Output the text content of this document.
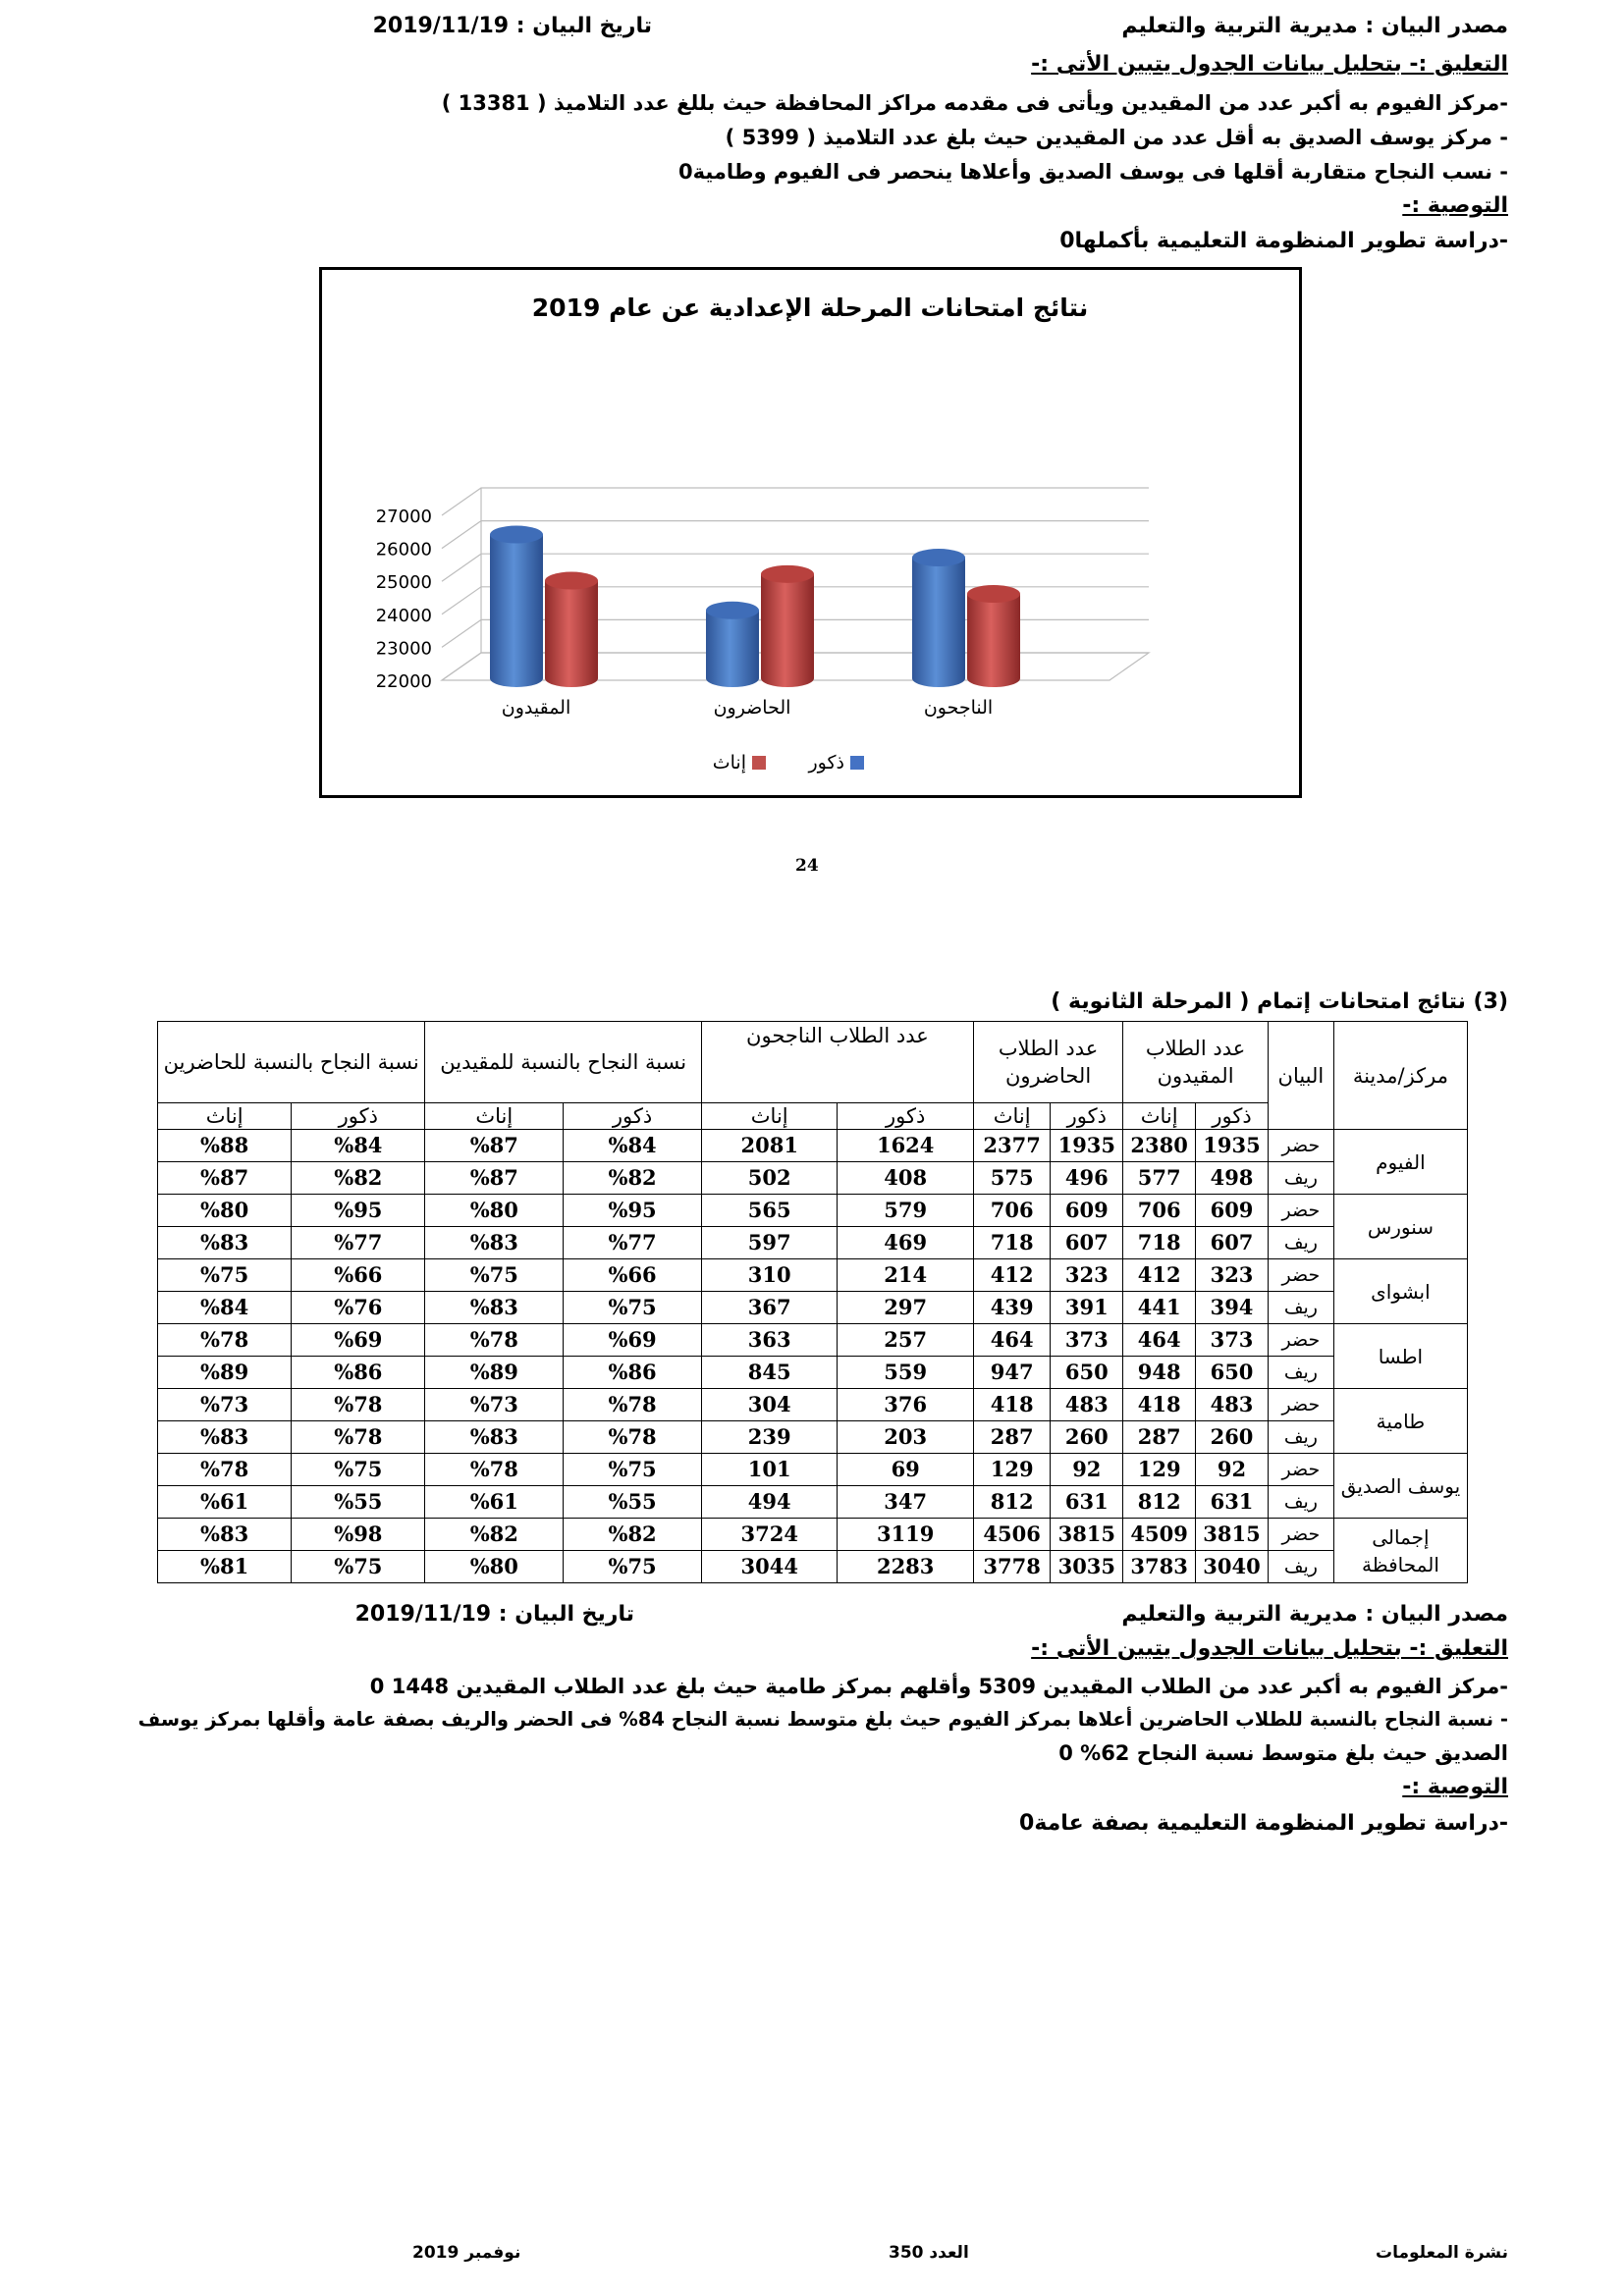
مصدر البيان : مديرية التربية والتعليم
تاريخ البيان : 2019/11/19
التعليق :- بتحليل بيانات الجدول يتبين الأتى :-
-مركز الفيوم به أكبر عدد من المقيدين ويأتى فى مقدمه مراكز المحافظة حيث بللغ عدد التلاميذ ( 13381 )
- مركز يوسف الصديق به أقل عدد من المقيدين حيث بلغ عدد التلاميذ ( 5399 )
- نسب النجاح متقاربة أقلها فى يوسف الصديق وأعلاها ينحصر فى الفيوم وطامية0
التوصية :-
-دراسة تطوير المنظومة التعليمية بأكملها0
نتائج امتحانات المرحلة الإعدادية عن عام 2019
27000
26000
25000
24000
23000
22000
المقيدون	الحاضرون	الناجحون
إناث	ذكور
24
(3) نتائج امتحانات إتمام ( المرحلة الثانوية )
مركز/مدينة	البيان	عدد الطلاب المقيدون		عدد الطلاب الحاضرون		عدد الطلاب الناجحون		نسبة النجاح بالنسبة للمقيدين		نسبة النجاح بالنسبة للحاضرين	
		ذكور	إناث	ذكور	إناث	ذكور	إناث	ذكور	إناث	ذكور	إناث
الفيوم	حضر	1935	2380	1935	2377	1624	2081	%84	%87	%84	%88
	ريف	498	577	496	575	408	502	%82	%87	%82	%87
سنورس	حضر	609	706	609	706	579	565	%95	%80	%95	%80
	ريف	607	718	607	718	469	597	%77	%83	%77	%83
ابشواى	حضر	323	412	323	412	214	310	%66	%75	%66	%75
	ريف	394	441	391	439	297	367	%75	%83	%76	%84
اطسا	حضر	373	464	373	464	257	363	%69	%78	%69	%78
	ريف	650	948	650	947	559	845	%86	%89	%86	%89
طامية	حضر	483	418	483	418	376	304	%78	%73	%78	%73
	ريف	260	287	260	287	203	239	%78	%83	%78	%83
يوسف الصديق	حضر	92	129	92	129	69	101	%75	%78	%75	%78
	ريف	631	812	631	812	347	494	%55	%61	%55	%61
إجمالى المحافظة	حضر	3815	4509	3815	4506	3119	3724	%82	%82	%98	%83
	ريف	3040	3783	3035	3778	2283	3044	%75	%80	%75	%81
مصدر البيان : مديرية التربية والتعليم
تاريخ البيان : 2019/11/19
التعليق :- بتحليل بيانات الجدول يتبين الأتى :-
-مركز الفيوم به أكبر عدد من الطلاب المقيدين 5309 وأقلهم بمركز طامية حيث بلغ عدد الطلاب المقيدين 1448 0
- نسبة النجاح بالنسبة للطلاب الحاضرين أعلاها بمركز الفيوم حيث بلغ متوسط نسبة النجاح 84% فى الحضر والريف بصفة عامة وأقلها بمركز يوسف
الصديق حيث بلغ متوسط نسبة النجاح 62% 0
التوصية :-
-دراسة تطوير المنظومة التعليمية بصفة عامة0
نشرة المعلومات
العدد 350
نوفمبر 2019
